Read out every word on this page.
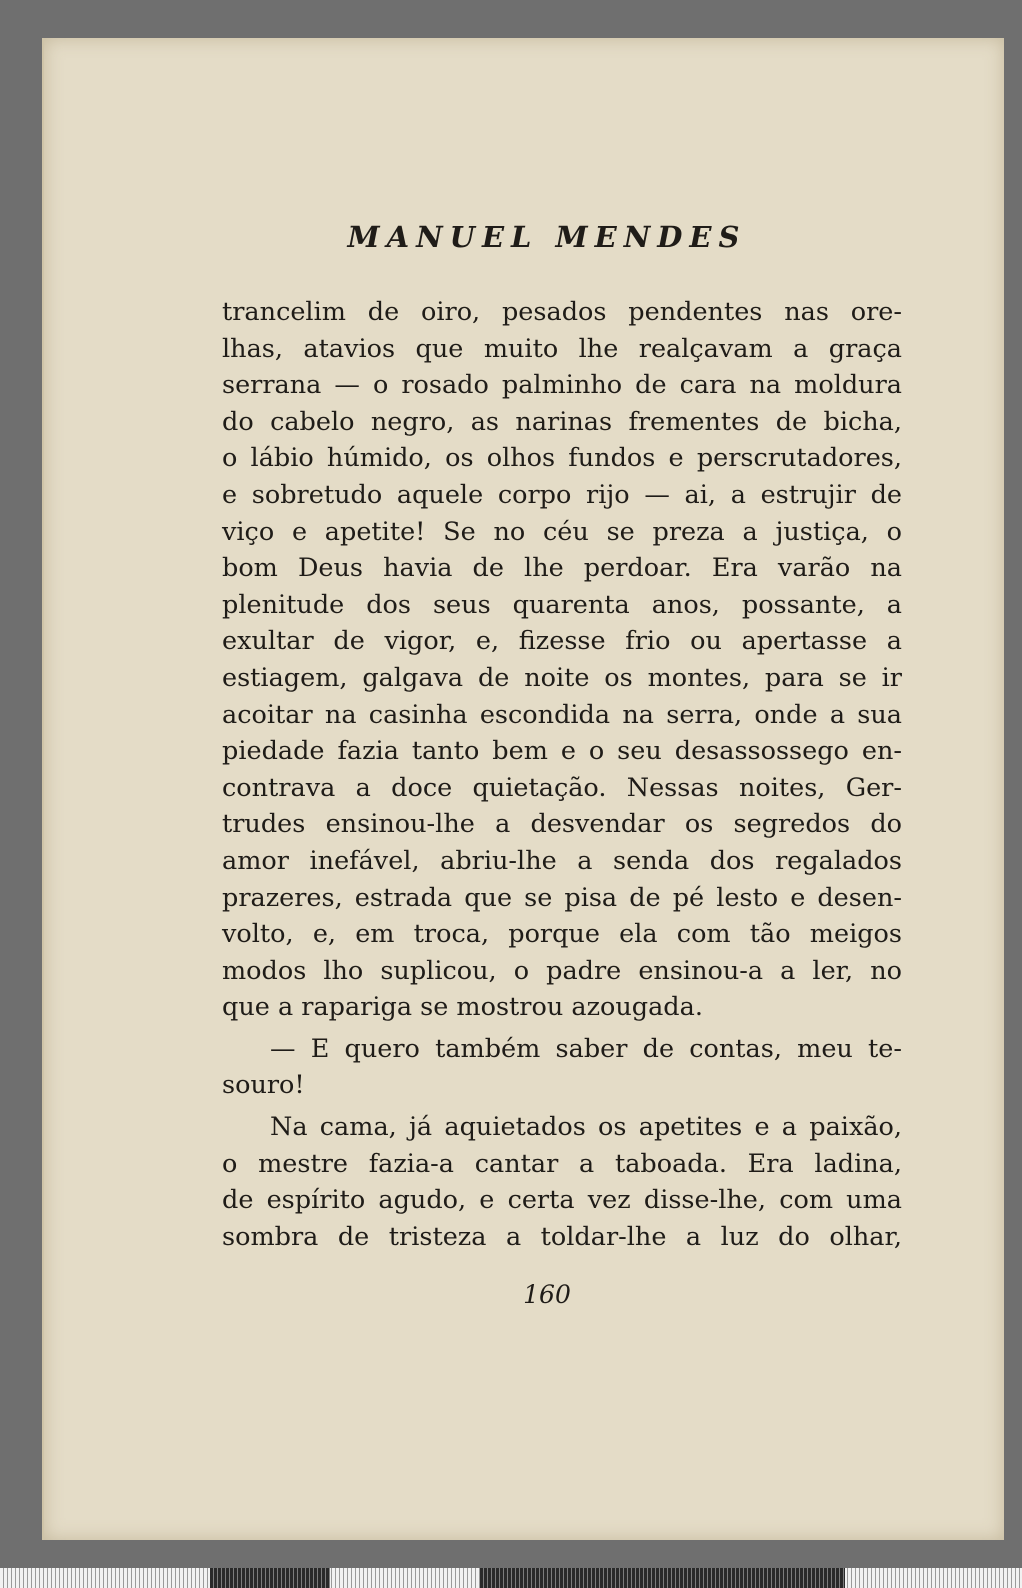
MANUEL MENDES
trancelim de oiro, pesados pendentes nas ore-
lhas, atavios que muito lhe realçavam a graça
serrana — o rosado palminho de cara na moldura
do cabelo negro, as narinas frementes de bicha,
o lábio húmido, os olhos fundos e perscrutadores,
e sobretudo aquele corpo rijo — ai, a estrujir de
viço e apetite! Se no céu se preza a justiça, o
bom Deus havia de lhe perdoar. Era varão na
plenitude dos seus quarenta anos, possante, a
exultar de vigor, e, fizesse frio ou apertasse a
estiagem, galgava de noite os montes, para se ir
acoitar na casinha escondida na serra, onde a sua
piedade fazia tanto bem e o seu desassossego en-
contrava a doce quietação. Nessas noites, Ger-
trudes ensinou-lhe a desvendar os segredos do
amor inefável, abriu-lhe a senda dos regalados
prazeres, estrada que se pisa de pé lesto e desen-
volto, e, em troca, porque ela com tão meigos
modos lho suplicou, o padre ensinou-a a ler, no
que a rapariga se mostrou azougada.
— E quero também saber de contas, meu te-
souro!
Na cama, já aquietados os apetites e a paixão,
o mestre fazia-a cantar a taboada. Era ladina,
de espírito agudo, e certa vez disse-lhe, com uma
sombra de tristeza a toldar-lhe a luz do olhar,
160
